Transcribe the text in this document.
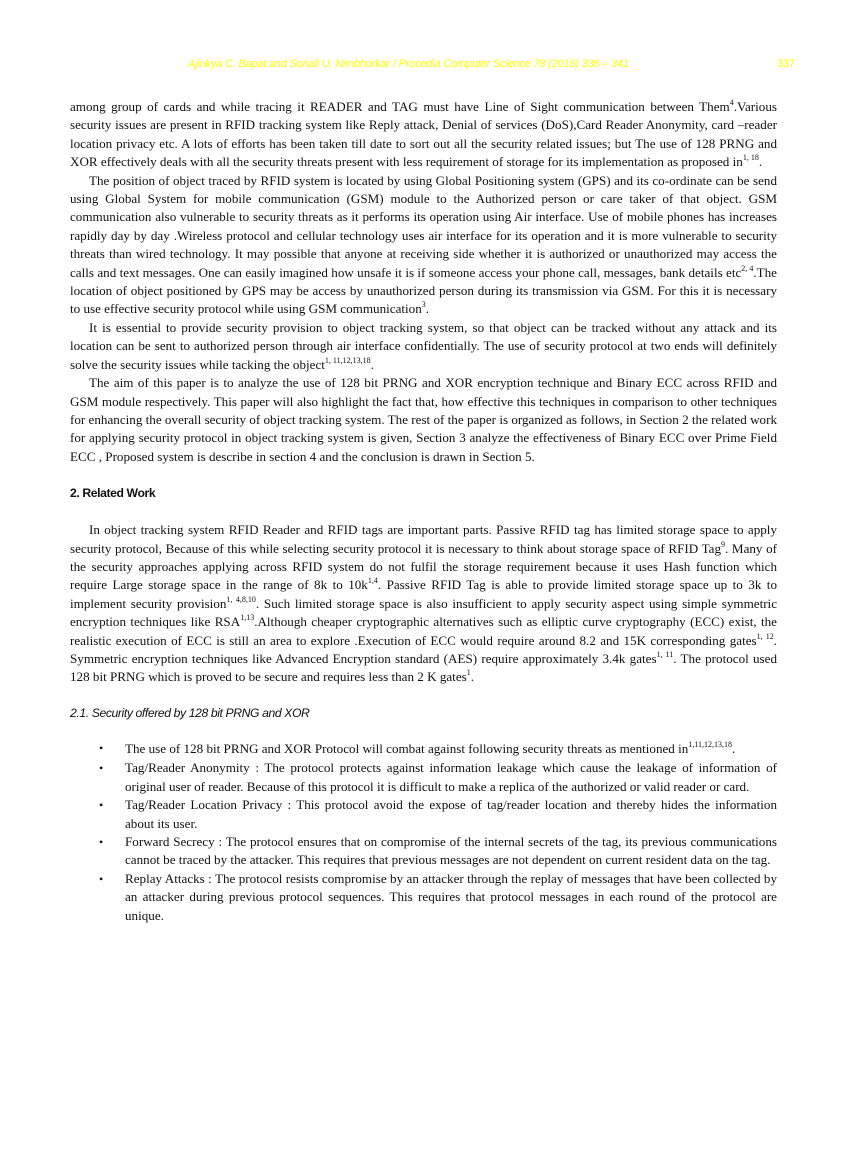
Ajinkya C. Bapat and Sonali U. Nimbhorkar / Procedia Computer Science 78 (2016) 336 – 341	337

among group of cards and while tracing it READER and TAG must have Line of Sight communication between Them$^4$.Various security issues are present in RFID tracking system like Reply attack, Denial of services (DoS),Card Reader Anonymity, card –reader location privacy etc. A lots of efforts has been taken till date to sort out all the security related issues; but The use of 128 PRNG and XOR effectively deals with all the security threats present with less requirement of storage for its implementation as proposed in$^{1, 18}$.

The position of object traced by RFID system is located by using Global Positioning system (GPS) and its co-ordinate can be send using Global System for mobile communication (GSM) module to the Authorized person or care taker of that object. GSM communication also vulnerable to security threats as it performs its operation using Air interface. Use of mobile phones has increases rapidly day by day .Wireless protocol and cellular technology uses air interface for its operation and it is more vulnerable to security threats than wired technology. It may possible that anyone at receiving side whether it is authorized or unauthorized may access the calls and text messages. One can easily imagined how unsafe it is if someone access your phone call, messages, bank details etc$^{2, 4}$.The location of object positioned by GPS may be access by unauthorized person during its transmission via GSM. For this it is necessary to use effective security protocol while using GSM communication$^3$.

It is essential to provide security provision to object tracking system, so that object can be tracked without any attack and its location can be sent to authorized person through air interface confidentially. The use of security protocol at two ends will definitely solve the security issues while tacking the object$^{1, 11,12,13,18}$.

The aim of this paper is to analyze the use of 128 bit PRNG and XOR encryption technique and Binary ECC across RFID and GSM module respectively. This paper will also highlight the fact that, how effective this techniques in comparison to other techniques for enhancing the overall security of object tracking system. The rest of the paper is organized as follows, in Section 2 the related work for applying security protocol in object tracking system is given, Section 3 analyze the effectiveness of Binary ECC over Prime Field ECC , Proposed system is describe in section 4 and the conclusion is drawn in Section 5.

2. Related Work

In object tracking system RFID Reader and RFID tags are important parts. Passive RFID tag has limited storage space to apply security protocol, Because of this while selecting security protocol it is necessary to think about storage space of RFID Tag$^9$. Many of the security approaches applying across RFID system do not fulfil the storage requirement because it uses Hash function which require Large storage space in the range of 8k to $10k^{1,4}$. Passive RFID Tag is able to provide limited storage space up to 3k to implement security provision$^{1, 4,8,10}$. Such limited storage space is also insufficient to apply security aspect using simple symmetric encryption techniques like RSA$^{1,13}$.Although cheaper cryptographic alternatives such as elliptic curve cryptography (ECC) exist, the realistic execution of ECC is still an area to explore .Execution of ECC would require around 8.2 and 15K corresponding gates$^{1, 12}$. Symmetric encryption techniques like Advanced Encryption standard (AES) require approximately 3.4k gates$^{1, 11}$. The protocol used 128 bit PRNG which is proved to be secure and requires less than 2 K gates$^1$.

2.1. Security offered by 128 bit PRNG and XOR
• The use of 128 bit PRNG and XOR Protocol will combat against following security threats as mentioned in$^{1,11,12,13,18}$.
• Tag/Reader Anonymity : The protocol protects against information leakage which cause the leakage of information of original user of reader. Because of this protocol it is difficult to make a replica of the authorized or valid reader or card.
• Tag/Reader Location Privacy : This protocol avoid the expose of tag/reader location and thereby hides the information about its user.
• Forward Secrecy : The protocol ensures that on compromise of the internal secrets of the tag, its previous communications cannot be traced by the attacker. This requires that previous messages are not dependent on current resident data on the tag.
• Replay Attacks : The protocol resists compromise by an attacker through the replay of messages that have been collected by an attacker during previous protocol sequences. This requires that protocol messages in each round of the protocol are unique.
